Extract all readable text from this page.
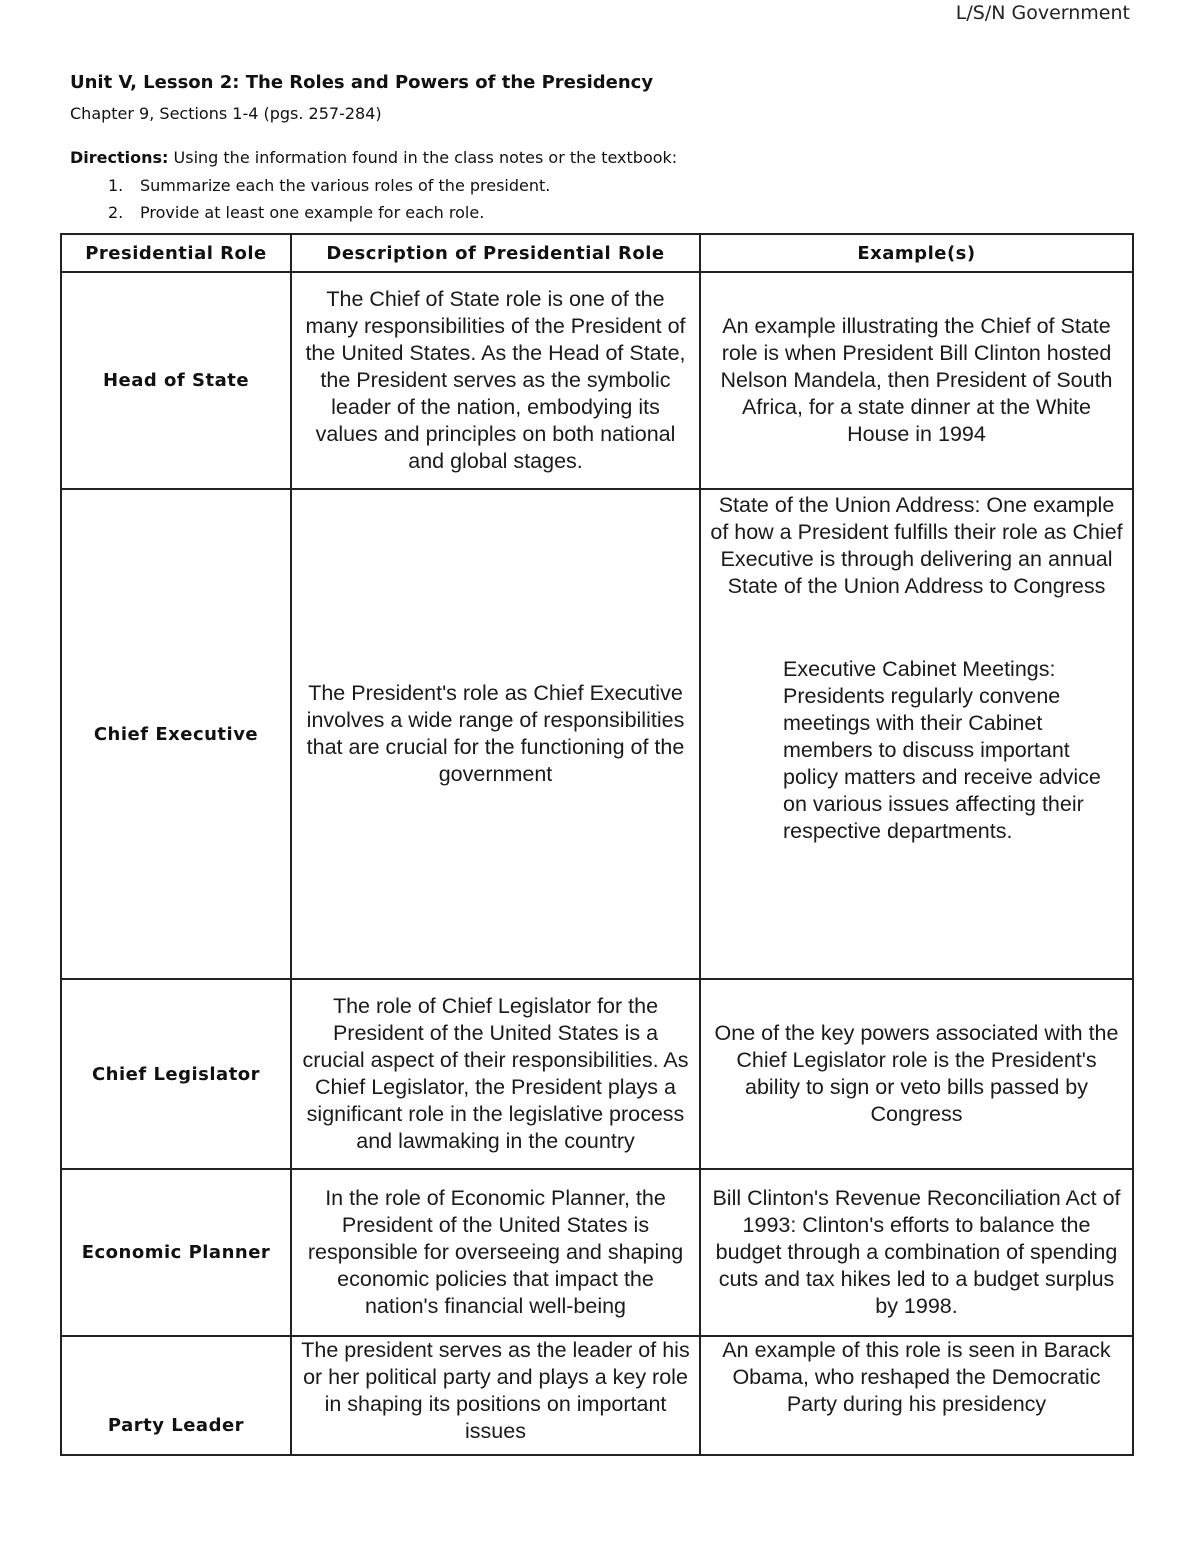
L/S/N Government
Unit V, Lesson 2: The Roles and Powers of the Presidency
Chapter 9, Sections 1-4 (pgs. 257-284)
Directions: Using the information found in the class notes or the textbook:
1. Summarize each the various roles of the president.
2. Provide at least one example for each role.
Presidential Role	Description of Presidential Role	Example(s)
Head of State	The Chief of State role is one of the many responsibilities of the President of the United States. As the Head of State, the President serves as the symbolic leader of the nation, embodying its values and principles on both national and global stages.	An example illustrating the Chief of State role is when President Bill Clinton hosted Nelson Mandela, then President of South Africa, for a state dinner at the White House in 1994
Chief Executive	The President's role as Chief Executive involves a wide range of responsibilities that are crucial for the functioning of the government	State of the Union Address: One example of how a President fulfills their role as Chief Executive is through delivering an annual State of the Union Address to Congress
Executive Cabinet Meetings: Presidents regularly convene meetings with their Cabinet members to discuss important policy matters and receive advice on various issues affecting their respective departments.
Chief Legislator	The role of Chief Legislator for the President of the United States is a crucial aspect of their responsibilities. As Chief Legislator, the President plays a significant role in the legislative process and lawmaking in the country	One of the key powers associated with the Chief Legislator role is the President's ability to sign or veto bills passed by Congress
Economic Planner	In the role of Economic Planner, the President of the United States is responsible for overseeing and shaping economic policies that impact the nation's financial well-being	Bill Clinton's Revenue Reconciliation Act of 1993: Clinton's efforts to balance the budget through a combination of spending cuts and tax hikes led to a budget surplus by 1998.
Party Leader	The president serves as the leader of his or her political party and plays a key role in shaping its positions on important issues	An example of this role is seen in Barack Obama, who reshaped the Democratic Party during his presidency
